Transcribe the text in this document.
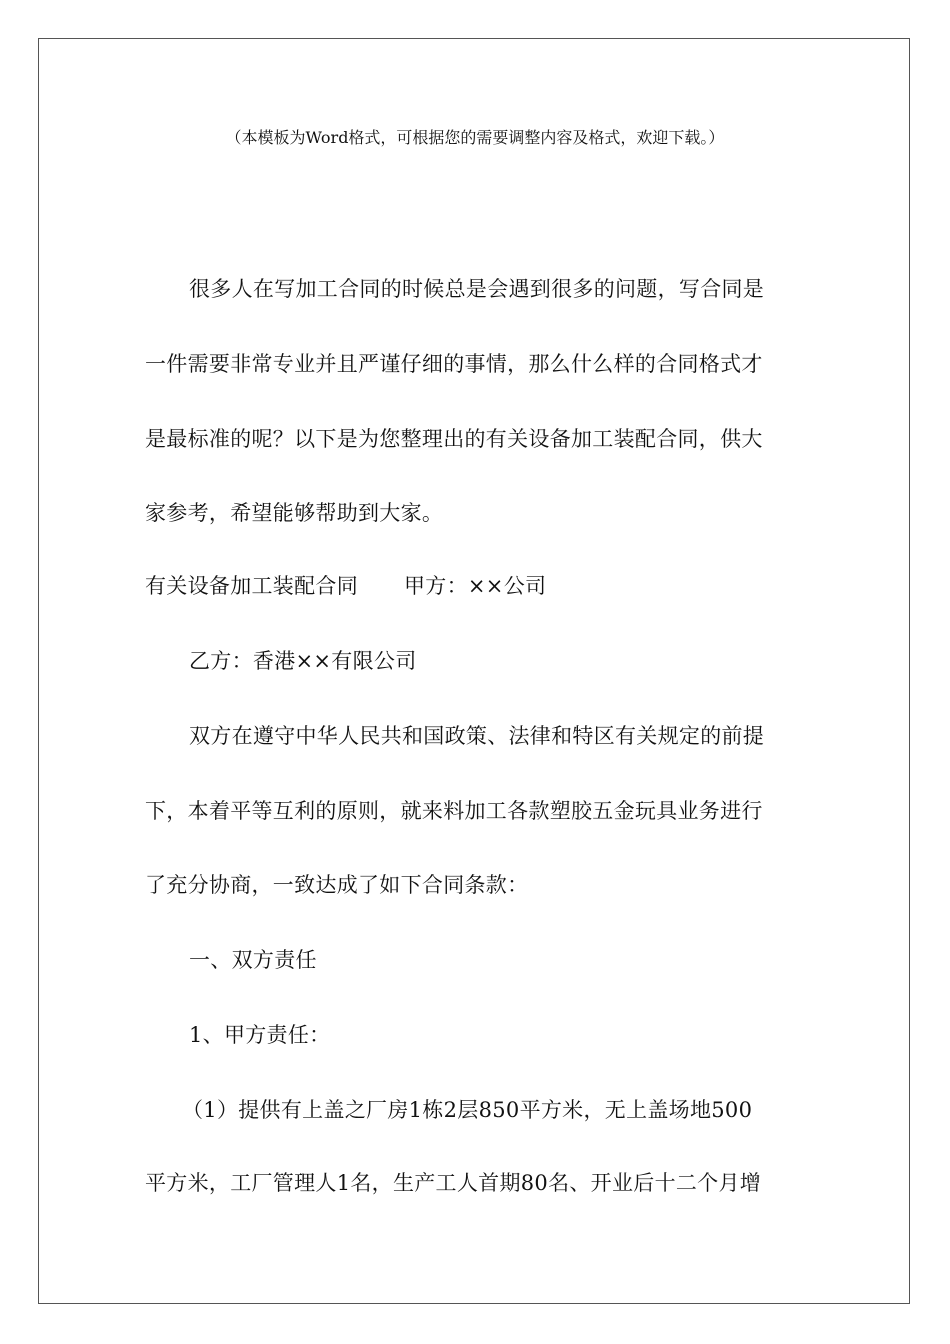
（本模板为Word格式，可根据您的需要调整内容及格式，欢迎下载。）
很多人在写加工合同的时候总是会遇到很多的问题，写合同是
一件需要非常专业并且严谨仔细的事情，那么什么样的合同格式才
是最标准的呢？以下是为您整理出的有关设备加工装配合同，供大
家参考，希望能够帮助到大家。
有关设备加工装配合同 甲方：××公司
乙方：香港××有限公司
双方在遵守中华人民共和国政策、法律和特区有关规定的前提
下，本着平等互利的原则，就来料加工各款塑胶五金玩具业务进行
了充分协商，一致达成了如下合同条款：
一、双方责任
1、甲方责任：
（1）提供有上盖之厂房1栋2层850平方米，无上盖场地500
平方米，工厂管理人1名，生产工人首期80名、开业后十二个月增
